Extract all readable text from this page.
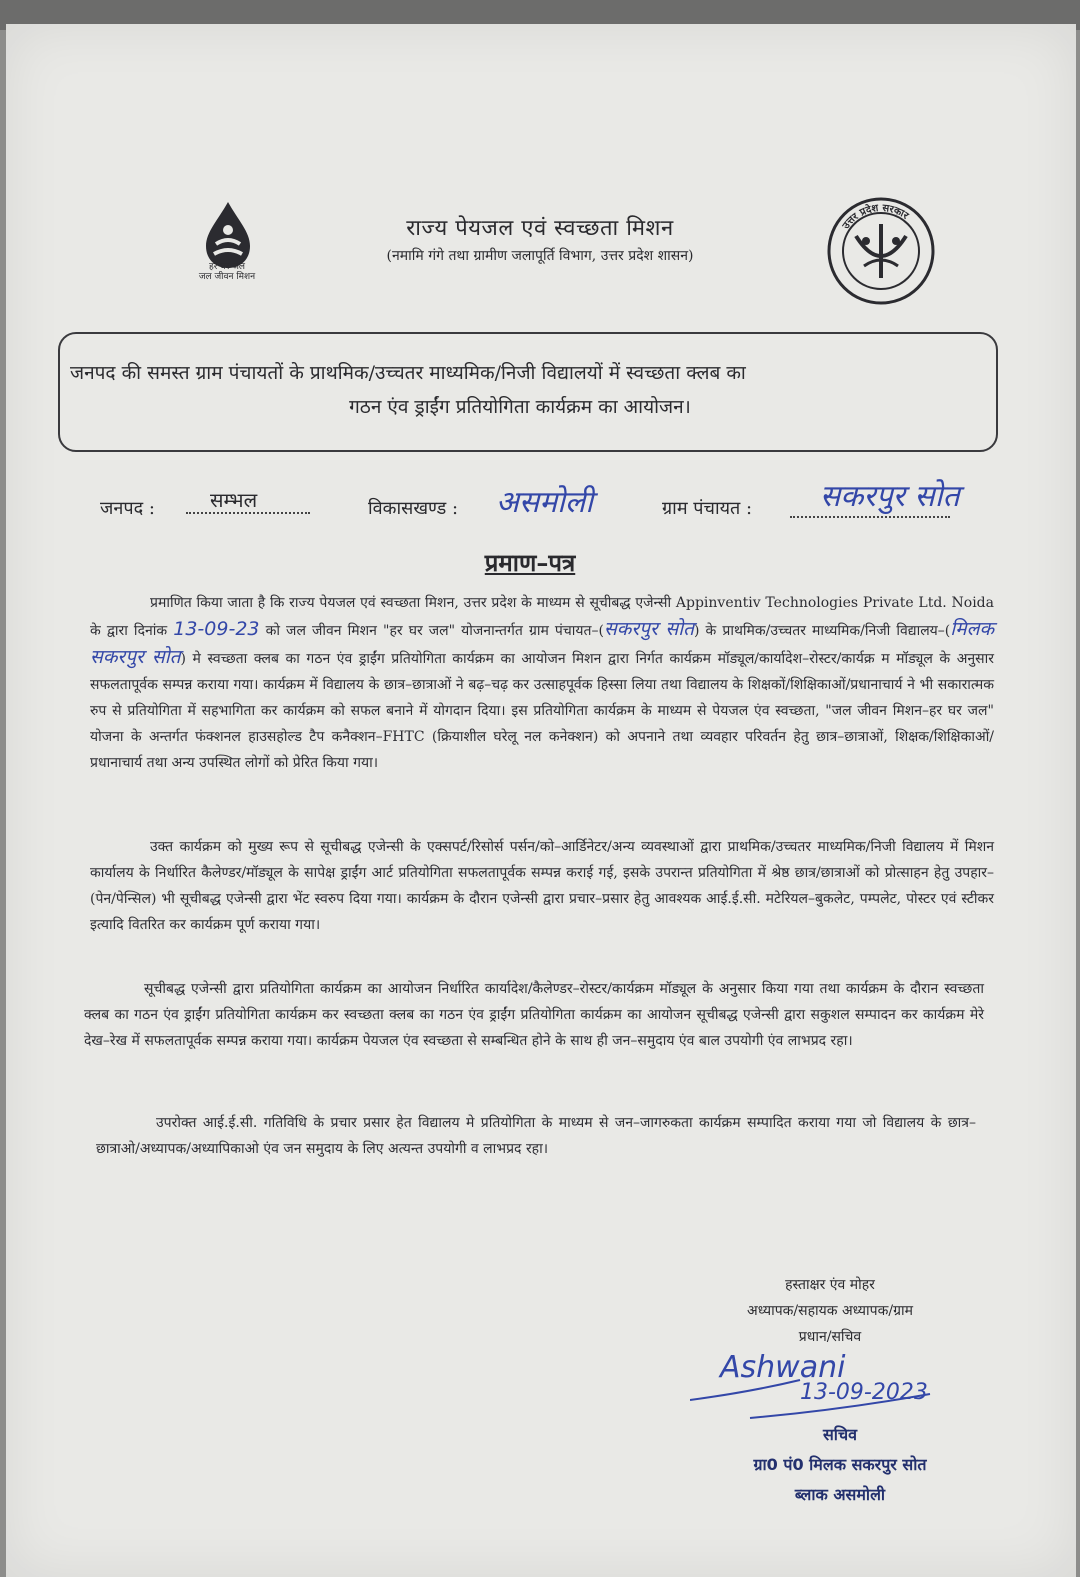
हर घर जल
जल जीवन मिशन
राज्य पेयजल एवं स्वच्छता मिशन
(नमामि गंगे तथा ग्रामीण जलापूर्ति विभाग, उत्तर प्रदेश शासन)
उत्तर प्रदेश सरकार
जनपद की समस्त ग्राम पंचायतों के प्राथमिक/उच्चतर माध्यमिक/निजी विद्यालयों में स्वच्छता क्लब का
गठन एंव ड्राईंग प्रतियोगिता कार्यक्रम का आयोजन।
जनपद :	सम्भल	विकासखण्ड : असमोली	ग्राम पंचायत : सकरपुर सोत
प्रमाण–पत्र
प्रमाणित किया जाता है कि राज्य पेयजल एवं स्वच्छता मिशन, उत्तर प्रदेश के माध्यम से सूचीबद्ध एजेन्सी Appinventiv Technologies Private Ltd. Noida के द्वारा दिनांक 13-09-23 को जल जीवन मिशन "हर घर जल" योजनान्तर्गत ग्राम पंचायत–(सकरपुर सोत) के प्राथमिक/उच्चतर माध्यमिक/निजी विद्यालय–(मिलक सकरपुर सोत) मे स्वच्छता क्लब का गठन एंव ड्राईंग प्रतियोगिता कार्यक्रम का आयोजन मिशन द्वारा निर्गत कार्यक्रम मॉड्यूल/कार्यादेश–रोस्टर/कार्यक्र म मॉड्यूल के अनुसार सफलतापूर्वक सम्पन्न कराया गया। कार्यक्रम में विद्यालय के छात्र–छात्राओं ने बढ़–चढ़ कर उत्साहपूर्वक हिस्सा लिया तथा विद्यालय के शिक्षकों/शिक्षिकाओं/प्रधानाचार्य ने भी सकारात्मक रुप से प्रतियोगिता में सहभागिता कर कार्यक्रम को सफल बनाने में योगदान दिया। इस प्रतियोगिता कार्यक्रम के माध्यम से पेयजल एंव स्वच्छता, "जल जीवन मिशन–हर घर जल" योजना के अन्तर्गत फंक्शनल हाउसहोल्ड टैप कनैक्शन–FHTC (क्रियाशील घरेलू नल कनेक्शन) को अपनाने तथा व्यवहार परिवर्तन हेतु छात्र–छात्राओं, शिक्षक/शिक्षिकाओं/प्रधानाचार्य तथा अन्य उपस्थित लोगों को प्रेरित किया गया।
उक्त कार्यक्रम को मुख्य रूप से सूचीबद्ध एजेन्सी के एक्सपर्ट/रिसोर्स पर्सन/को–आर्डिनेटर/अन्य व्यवस्थाओं द्वारा प्राथमिक/उच्चतर माध्यमिक/निजी विद्यालय में मिशन कार्यालय के निर्धारित कैलेण्डर/मॉड्यूल के सापेक्ष ड्राईंग आर्ट प्रतियोगिता सफलतापूर्वक सम्पन्न कराई गई, इसके उपरान्त प्रतियोगिता में श्रेष्ठ छात्र/छात्राओं को प्रोत्साहन हेतु उपहार–(पेन/पेन्सिल) भी सूचीबद्ध एजेन्सी द्वारा भेंट स्वरुप दिया गया। कार्यक्रम के दौरान एजेन्सी द्वारा प्रचार–प्रसार हेतु आवश्यक आई.ई.सी. मटेरियल–बुकलेट, पम्पलेट, पोस्टर एवं स्टीकर इत्यादि वितरित कर कार्यक्रम पूर्ण कराया गया।
सूचीबद्ध एजेन्सी द्वारा प्रतियोगिता कार्यक्रम का आयोजन निर्धारित कार्यादेश/कैलेण्डर–रोस्टर/कार्यक्रम मॉड्यूल के अनुसार किया गया तथा कार्यक्रम के दौरान स्वच्छता क्लब का गठन एंव ड्राईंग प्रतियोगिता कार्यक्रम कर स्वच्छता क्लब का गठन एंव ड्राईंग प्रतियोगिता कार्यक्रम का आयोजन सूचीबद्ध एजेन्सी द्वारा सकुशल सम्पादन कर कार्यक्रम मेरे देख–रेख में सफलतापूर्वक सम्पन्न कराया गया। कार्यक्रम पेयजल एंव स्वच्छता से सम्बन्धित होने के साथ ही जन–समुदाय एंव बाल उपयोगी एंव लाभप्रद रहा।
उपरोक्त आई.ई.सी. गतिविधि के प्रचार प्रसार हेत विद्यालय मे प्रतियोगिता के माध्यम से जन–जागरुकता कार्यक्रम सम्पादित कराया गया जो विद्यालय के छात्र–छात्राओ/अध्यापक/अध्यापिकाओ एंव जन समुदाय के लिए अत्यन्त उपयोगी व लाभप्रद रहा।
हस्ताक्षर एंव मोहर
अध्यापक/सहायक अध्यापक/ग्राम
प्रधान/सचिव
Ashwani
13-09-2023
सचिव
ग्रा0 पं0 मिलक सकरपुर सोत
ब्लाक असमोली
